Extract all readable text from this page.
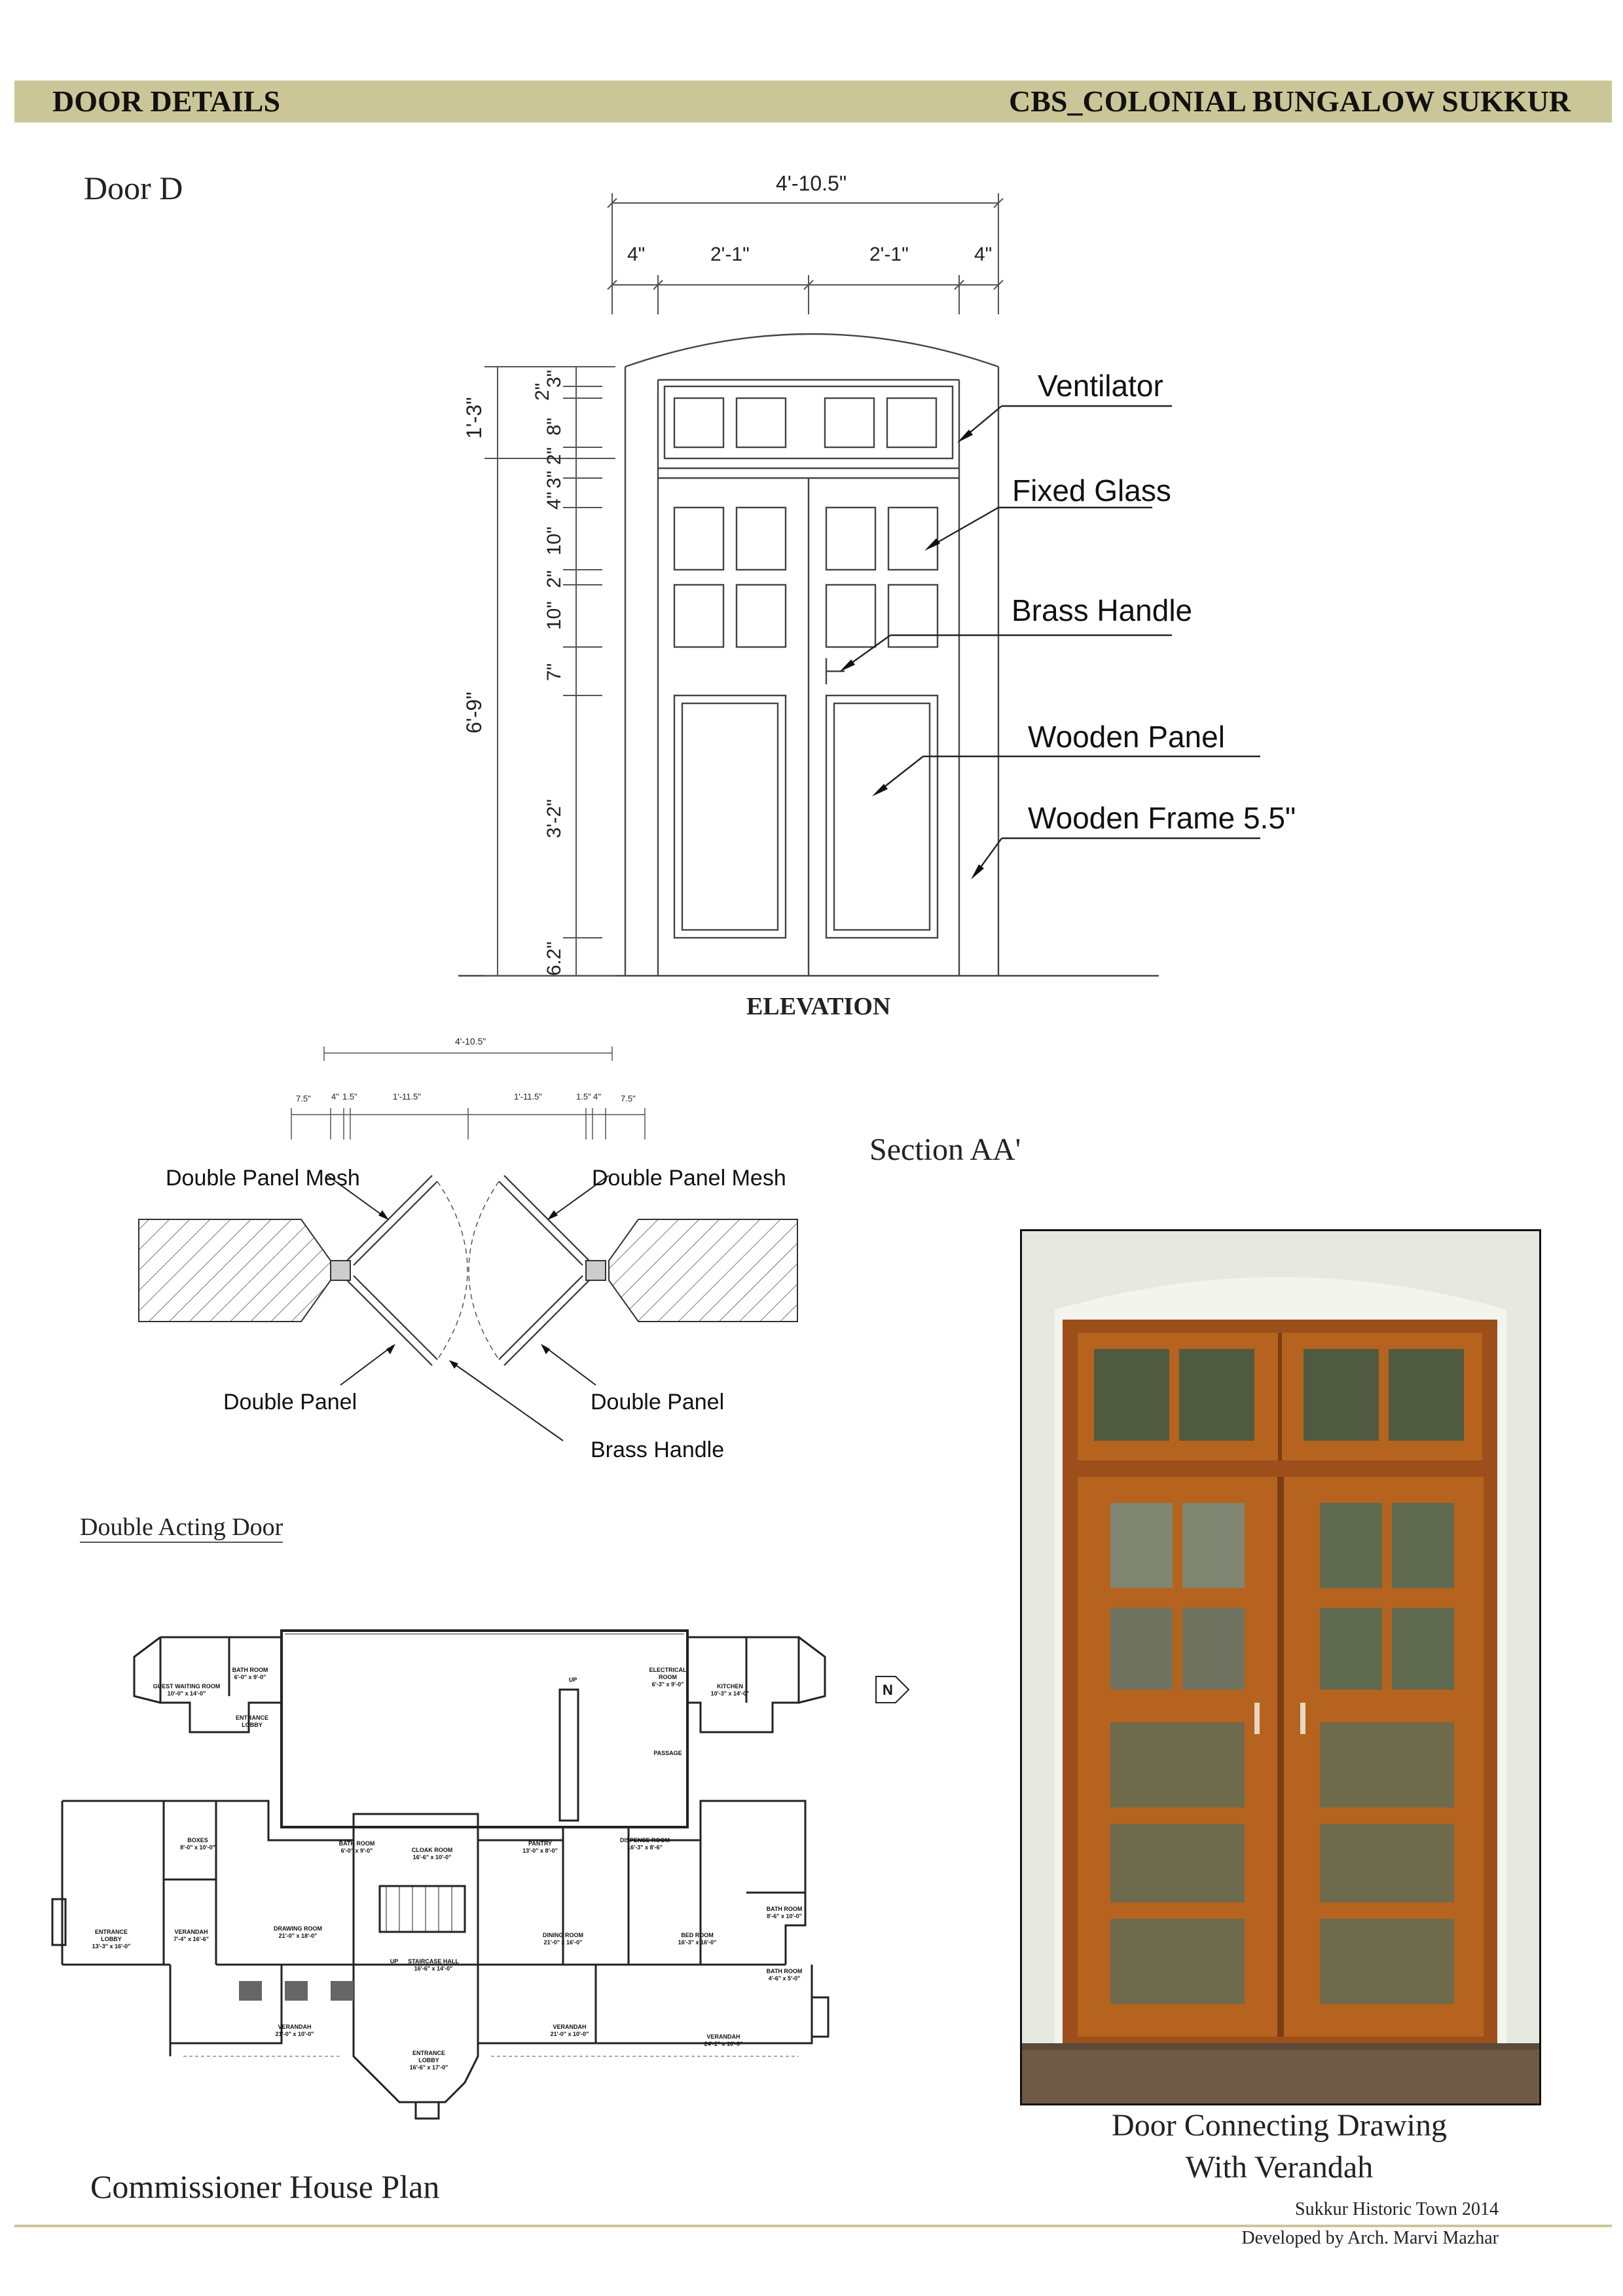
DOOR DETAILS	CBS_COLONIAL BUNGALOW SUKKUR
Door D	4'-10.5"
4"	2'-1"	2'-1"	4"
1'-3"
6'-9"
3"
2"
8"
2"
3"
4"
10"
2"
10"
7"
3'-2"
6.2"
Ventilator
Fixed Glass
Brass Handle
Wooden Panel
Wooden Frame 5.5"
ELEVATION
4'-10.5"
7.5" 4" 1.5"	1'-11.5"	1'-11.5"	1.5" 4" 7.5"
Section AA'
Double Panel Mesh	Double Panel Mesh
Double Panel	Double Panel
Brass Handle
Double Acting Door
N
GUEST WAITING ROOM
10'-0" x 14'-0"
BATH ROOM
6'-0" x 9'-0"
ENTRANCE LOBBY
ELECTRICAL ROOM
6'-3" x 9'-0"	KITCHEN
10'-3" x 14'-0"
PASSAGE
UP
BOXES
8'-0" x 10'-0"
BATH ROOM
6'-0" x 9'-0"	CLOAK ROOM
16'-6" x 10'-0"
PANTRY
13'-0" x 8'-0"
DISPENSE ROOM
16'-3" x 8'-6"
ENTRANCE LOBBY
13'-3" x 16'-0"
VERANDAH
7'-4" x 16'-6"
DRAWING ROOM
21'-0" x 18'-0"
UP	STAIRCASE HALL
16'-6" x 14'-0"
DINING ROOM
21'-0" x 16'-0"
BED ROOM
16'-3" x 16'-0"
BATH ROOM
8'-6" x 10'-0"
BATH ROOM
4'-6" x 5'-0"
VERANDAH
21'-0" x 10'-0"
ENTRANCE LOBBY
16'-6" x 17'-0"
VERANDAH
21'-0" x 10'-0"	VERANDAH
24'-1" x 10'-0"
Commissioner House Plan
Door Connecting Drawing
With Verandah
Sukkur Historic Town 2014
Developed by Arch. Marvi Mazhar
